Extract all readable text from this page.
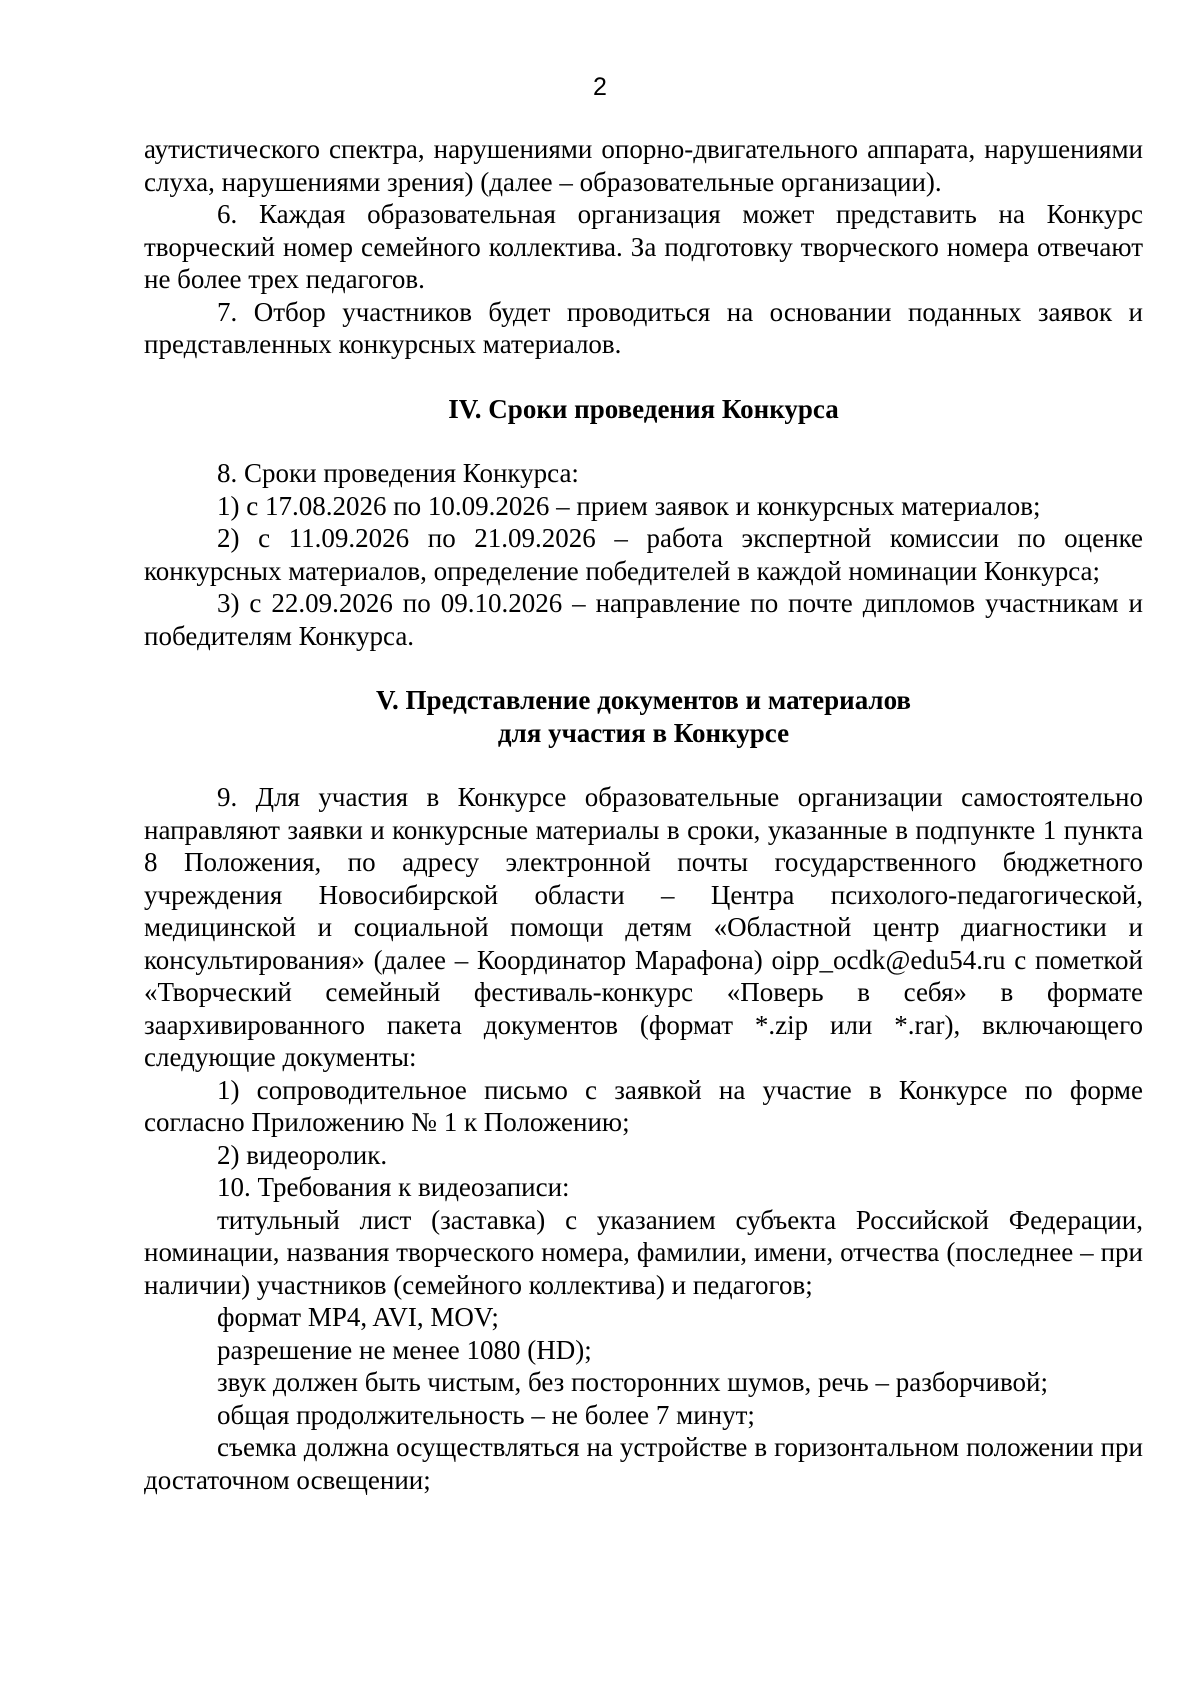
2

аутистического спектра, нарушениями опорно-двигательного аппарата, нарушениями слуха, нарушениями зрения) (далее – образовательные организации).

6. Каждая образовательная организация может представить на Конкурс творческий номер семейного коллектива. За подготовку творческого номера отвечают не более трех педагогов.

7. Отбор участников будет проводиться на основании поданных заявок и представленных конкурсных материалов.

IV. Сроки проведения Конкурса

8. Сроки проведения Конкурса:

1) с 17.08.2026 по 10.09.2026 – прием заявок и конкурсных материалов;

2) с 11.09.2026 по 21.09.2026 – работа экспертной комиссии по оценке конкурсных материалов, определение победителей в каждой номинации Конкурса;

3) с 22.09.2026 по 09.10.2026 – направление по почте дипломов участникам и победителям Конкурса.

V. Представление документов и материалов
для участия в Конкурсе

9. Для участия в Конкурсе образовательные организации самостоятельно направляют заявки и конкурсные материалы в сроки, указанные в подпункте 1 пункта 8 Положения, по адресу электронной почты государственного бюджетного учреждения Новосибирской области – Центра психолого-педагогической, медицинской и социальной помощи детям «Областной центр диагностики и консультирования» (далее – Координатор Марафона) oipp_ocdk@edu54.ru с пометкой «Творческий семейный фестиваль-конкурс «Поверь в себя» в формате заархивированного пакета документов (формат *.zip или *.rar), включающего следующие документы:

1) сопроводительное письмо с заявкой на участие в Конкурсе по форме согласно Приложению № 1 к Положению;

2) видеоролик.

10. Требования к видеозаписи:

титульный лист (заставка) с указанием субъекта Российской Федерации, номинации, названия творческого номера, фамилии, имени, отчества (последнее – при наличии) участников (семейного коллектива) и педагогов;

формат MP4, AVI, MOV;

разрешение не менее 1080 (HD);

звук должен быть чистым, без посторонних шумов, речь – разборчивой;

общая продолжительность – не более 7 минут;

съемка должна осуществляться на устройстве в горизонтальном положении при достаточном освещении;
